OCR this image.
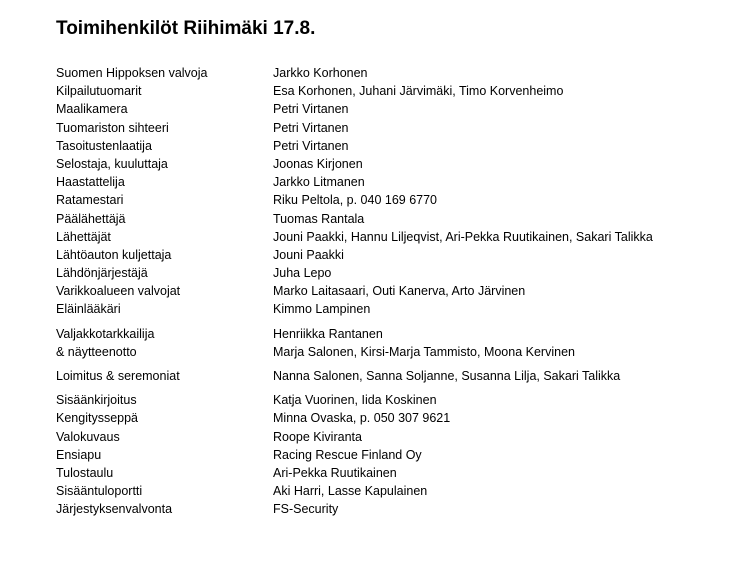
Toimihenkilöt Riihimäki 17.8.
Suomen Hippoksen valvoja	Jarkko Korhonen
Kilpailutuomarit	Esa Korhonen, Juhani Järvimäki, Timo Korvenheimo
Maalikamera	Petri Virtanen
Tuomariston sihteeri	Petri Virtanen
Tasoitustenlaatija	Petri Virtanen
Selostaja, kuuluttaja	Joonas Kirjonen
Haastattelija	Jarkko Litmanen
Ratamestari	Riku Peltola, p. 040 169 6770
Päälähettäjä	Tuomas Rantala
Lähettäjät	Jouni Paakki, Hannu Liljeqvist, Ari-Pekka Ruutikainen, Sakari Talikka
Lähtöauton kuljettaja	Jouni Paakki
Lähdönjärjestäjä	Juha Lepo
Varikkoalueen valvojat	Marko Laitasaari, Outi Kanerva, Arto Järvinen
Eläinlääkäri	Kimmo Lampinen
Valjakkotarkkailija	Henriikka Rantanen
& näytteenotto	Marja Salonen, Kirsi-Marja Tammisto, Moona Kervinen
Loimitus & seremoniat	Nanna Salonen, Sanna Soljanne, Susanna Lilja, Sakari Talikka
Sisäänkirjoitus	Katja Vuorinen, Iida Koskinen
Kengitysseppä	Minna Ovaska, p. 050 307 9621
Valokuvaus	Roope Kiviranta
Ensiapu	Racing Rescue Finland Oy
Tulostaulu	Ari-Pekka Ruutikainen
Sisääntuloportti	Aki Harri, Lasse Kapulainen
Järjestyksenvalvonta	FS-Security
